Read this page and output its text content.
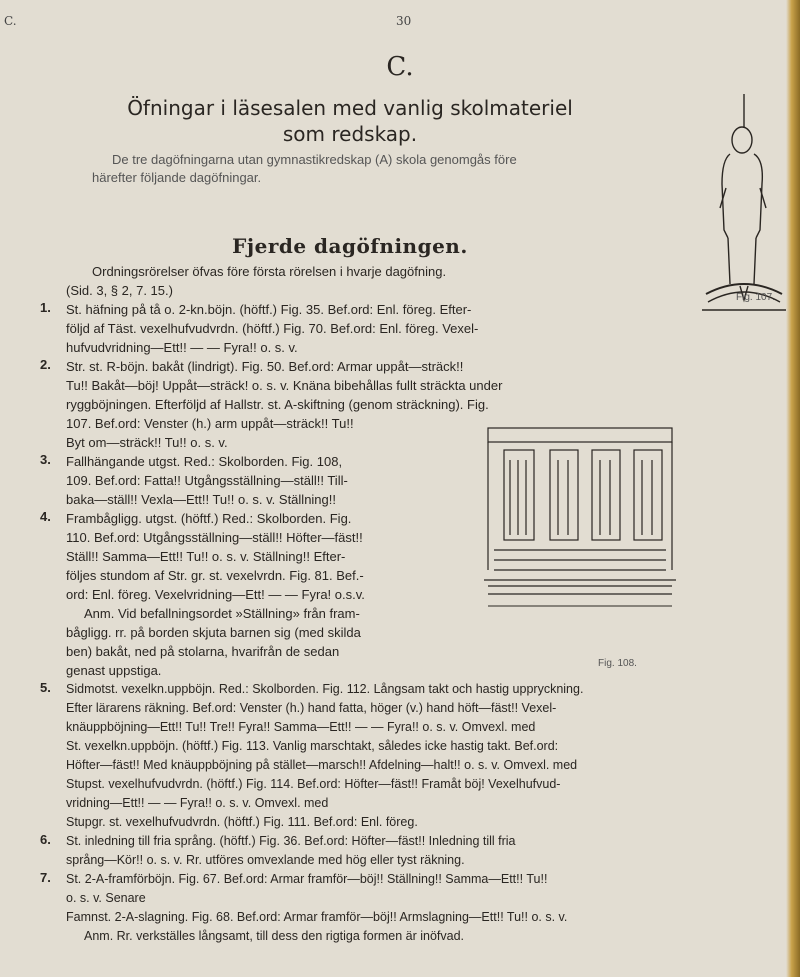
C.	30
C.
Öfningar i läsesalen med vanlig skolmateriel
som redskap.
De tre dagöfningarna utan gymnastikredskap (A) skola genomgås före
härefter följande dagöfningar.
Fjerde dagöfningen.
Ordningsrörelser öfvas före första rörelsen i hvarje dagöfning.
(Sid. 3, § 2, 7. 15.)
1. St. häfning på tå o. 2-kn.böjn. (höftf.) Fig. 35. Bef.ord: Enl. föreg. Efter-
följd af Täst. vexelhufvudvrdn. (höftf.) Fig. 70. Bef.ord: Enl. föreg. Vexel-
hufvudvridning—Ett!! — — Fyra!! o. s. v.
2. Str. st. R-böjn. bakåt (lindrigt). Fig. 50. Bef.ord: Armar uppåt—sträck!!
Tu!! Bakåt—böj! Uppåt—sträck! o. s. v. Knäna bibehållas fullt sträckta under
ryggböjningen. Efterföljd af Hallstr. st. A-skiftning (genom sträckning). Fig.
107. Bef.ord: Venster (h.) arm uppåt—sträck!! Tu!!
Byt om—sträck!! Tu!! o. s. v.
3. Fallhängande utgst. Red.: Skolborden. Fig. 108,
109. Bef.ord: Fatta!! Utgångsställning—ställ!! Till-
baka—ställ!! Vexla—Ett!! Tu!! o. s. v. Ställning!!
4. Frambågligg. utgst. (höftf.) Red.: Skolborden. Fig.
110. Bef.ord: Utgångsställning—ställ!! Höfter—fäst!!
Ställ!! Samma—Ett!! Tu!! o. s. v. Ställning!! Efter-
följes stundom af Str. gr. st. vexelvrdn. Fig. 81. Bef.-
ord: Enl. föreg. Vexelvridning—Ett! — — Fyra! o.s.v.
Anm. Vid befallningsordet »Ställning» från fram-
bågligg. rr. på borden skjuta barnen sig (med skilda
ben) bakåt, ned på stolarna, hvarifrån de sedan
genast uppstiga.
5. Sidmotst. vexelkn.uppböjn. Red.: Skolborden. Fig. 112. Långsam takt och hastig uppryckning.
Efter lärarens räkning. Bef.ord: Venster (h.) hand fatta, höger (v.) hand höft—fäst!! Vexel-
knäuppböjning—Ett!! Tu!! Tre!! Fyra!! Samma—Ett!! — — Fyra!! o. s. v. Omvexl. med
St. vexelkn.uppböjn. (höftf.) Fig. 113. Vanlig marschtakt, således icke hastig takt. Bef.ord:
Höfter—fäst!! Med knäuppböjning på stället—marsch!! Afdelning—halt!! o. s. v. Omvexl. med
Stupst. vexelhufvudvrdn. (höftf.) Fig. 114. Bef.ord: Höfter—fäst!! Framåt böj! Vexelhufvud-
vridning—Ett!! — — Fyra!! o. s. v. Omvexl. med
Stupgr. st. vexelhufvudvrdn. (höftf.) Fig. 111. Bef.ord: Enl. föreg.
6. St. inledning till fria språng. (höftf.) Fig. 36. Bef.ord: Höfter—fäst!! Inledning till fria
språng—Kör!! o. s. v. Rr. utföres omvexlande med hög eller tyst räkning.
7. St. 2-A-framförböjn. Fig. 67. Bef.ord: Armar framför—böj!! Ställning!! Samma—Ett!! Tu!!
o. s. v. Senare
Famnst. 2-A-slagning. Fig. 68. Bef.ord: Armar framför—böj!! Armslagning—Ett!! Tu!! o. s. v.
Anm. Rr. verkställes långsamt, till dess den rigtiga formen är inöfvad.
Fig. 107.
Fig. 108.
